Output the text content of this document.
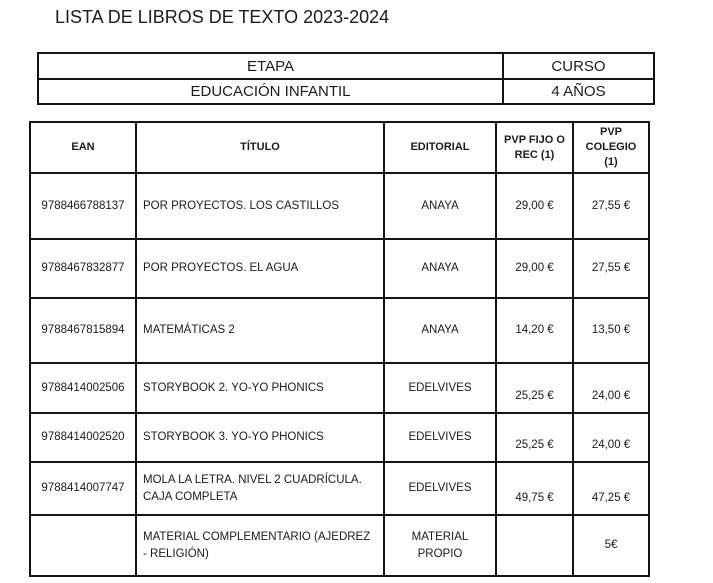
LISTA DE LIBROS DE TEXTO 2023-2024
ETAPA	CURSO
EDUCACIÓN INFANTIL	4 AÑOS
EAN	TÍTULO	EDITORIAL	PVP FIJO O REC (1)	PVP COLEGIO (1)
9788466788137	POR PROYECTOS. LOS CASTILLOS	ANAYA	29,00 €	27,55 €
9788467832877	POR PROYECTOS. EL AGUA	ANAYA	29,00 €	27,55 €
9788467815894	MATEMÁTICAS 2	ANAYA	14,20 €	13,50 €
9788414002506	STORYBOOK 2. YO-YO PHONICS	EDELVIVES	25,25 €	24,00 €
9788414002520	STORYBOOK 3. YO-YO PHONICS	EDELVIVES	25,25 €	24,00 €
9788414007747	MOLA LA LETRA. NIVEL 2 CUADRÍCULA. CAJA COMPLETA	EDELVIVES	49,75 €	47,25 €
	MATERIAL COMPLEMENTARIO (AJEDREZ - RELIGIÓN)	MATERIAL PROPIO		5€
